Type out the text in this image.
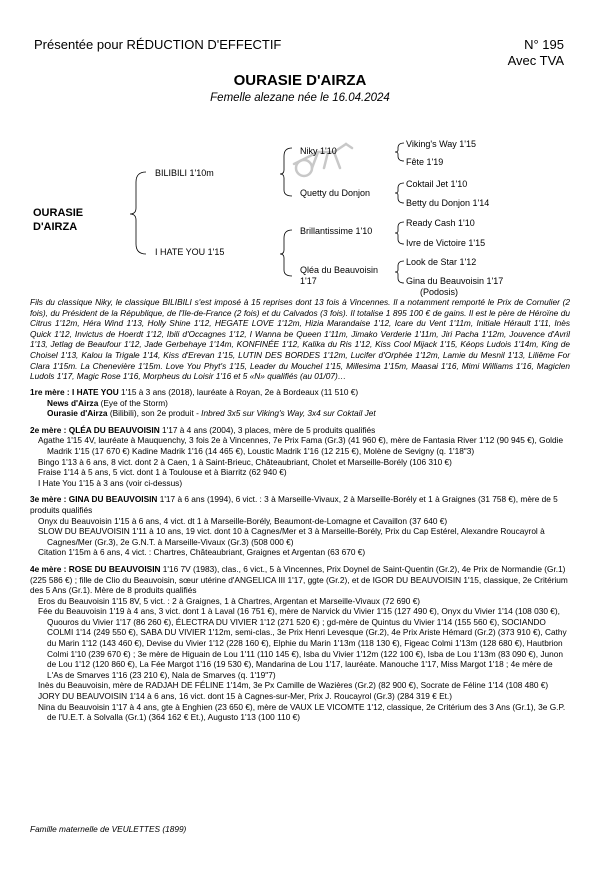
Présentée pour RÉDUCTION D'EFFECTIF	N° 195
Avec TVA
OURASIE D'AIRZA
Femelle alezane née le 16.04.2024
OURASIE
D'AIRZA
BILIBILI 1'10m
I HATE YOU 1'15
Niky 1'10
Quetty du Donjon
Brillantissime 1'10
Qléa du Beauvoisin
1'17
Viking's Way 1'15
Fête 1'19
Coktail Jet 1'10
Betty du Donjon 1'14
Ready Cash 1'10
Ivre de Victoire 1'15
Look de Star 1'12
Gina du Beauvoisin 1'17
(Podosis)
Fils du classique Niky, le classique BILIBILI s'est imposé à 15 reprises dont 13 fois à Vincennes. Il a notamment remporté le Prix de Cornulier (2 fois), du Président de la République, de l'Ile-de-France (2 fois) et du Calvados (3 fois). Il totalise 1 895 100 € de gains. Il est le père de Héroïne du Citrus 1'12m, Héra Wind 1'13, Holly Shine 1'12, HEGATE LOVE 1'12m, Hizia Marandaise 1'12, Icare du Vent 1'11m, Initiale Hérault 1'11, Inès Quick 1'12, Invictus de Hoerdt 1'12, Ibili d'Occagnes 1'12, I Wanna be Queen 1'11m, Jimako Verderie 1'11m, Jiri Pacha 1'12m, Jouvence d'Avril 1'13, Jetlag de Beaufour 1'12, Jade Gerbehaye 1'14m, KONFINÉE 1'12, Kalika du Ris 1'12, Kiss Cool Mijack 1'15, Kéops Ludois 1'14m, King de Choisel 1'13, Kalou la Trigale 1'14, Kiss d'Erevan 1'15, LUTIN DES BORDES 1'12m, Lucifer d'Orphée 1'12m, Lamie du Mesnil 1'13, Liliême For Clara 1'15m. La Chenevière 1'15m. Love You Phyt's 1'15, Leader du Mouchel 1'15, Millesima 1'15m, Maasai 1'16, Mimi Williams 1'16, Magiclen Ludols 1'17, Magic Rose 1'16, Morpheus du Loisir 1'16 et 5 «N» qualifiés (au 01/07)…
1re mère : I HATE YOU 1'15 à 3 ans (2018), lauréate à Royan, 2e à Bordeaux (11 510 €)
News d'Airza (Eye of the Storm)
Ourasie d'Airza (Bilibili), son 2e produit - Inbred 3x5 sur Viking's Way, 3x4 sur Coktail Jet
2e mère : QLÉA DU BEAUVOISIN 1'17 à 4 ans (2004), 3 places, mère de 5 produits qualifiés
Agathe 1'15 4V, lauréate à Mauquenchy, 3 fois 2e à Vincennes, 7e Prix Fama (Gr.3) (41 960 €), mère de Fantasia River 1'12 (90 945 €), Goldie Madrik 1'15 (17 670 €) Kadine Madrik 1'16 (14 465 €), Loustic Madrik 1'16 (12 215 €), Molène de Sevigny (q. 1'18"3)
Bingo 1'13 à 6 ans, 8 vict. dont 2 à Caen, 1 à Saint-Brieuc, Châteaubriant, Cholet et Marseille-Borély (106 310 €)
Fraise 1'14 à 5 ans, 5 vict. dont 1 à Toulouse et à Biarritz (62 940 €)
I Hate You 1'15 à 3 ans (voir ci-dessus)
3e mère : GINA DU BEAUVOISIN 1'17 à 6 ans (1994), 6 vict. : 3 à Marseille-Vivaux, 2 à Marseille-Borély et 1 à Graignes (31 758 €), mère de 5 produits qualifiés
Onyx du Beauvoisin 1'15 à 6 ans, 4 vict. dt 1 à Marseille-Borély, Beaumont-de-Lomagne et Cavaillon (37 640 €)
SLOW DU BEAUVOISIN 1'11 à 10 ans, 19 vict. dont 10 à Cagnes/Mer et 3 à Marseille-Borély, Prix du Cap Estérel, Alexandre Roucayrol à Cagnes/Mer (Gr.3), 2e G.N.T. à Marseille-Vivaux (Gr.3) (508 000 €)
Citation 1'15m à 6 ans, 4 vict. : Chartres, Châteaubriant, Graignes et Argentan (63 670 €)
4e mère : ROSE DU BEAUVOISIN 1'16 7V (1983), clas., 6 vict., 5 à Vincennes, Prix Doynel de Saint-Quentin (Gr.2), 4e Prix de Normandie (Gr.1) (225 586 €) ; fille de Clio du Beauvoisin, sœur utérine d'ANGELICA III 1'17, ggte (Gr.2), et de IGOR DU BEAUVOISIN 1'15, classique, 2e Critérium des 5 Ans (Gr.1). Mère de 8 produits qualifiés
Eros du Beauvoisin 1'15 8V, 5 vict. : 2 à Graignes, 1 à Chartres, Argentan et Marseille-Vivaux (72 690 €)
Fée du Beauvoisin 1'19 à 4 ans, 3 vict. dont 1 à Laval (16 751 €), mère de Narvick du Vivier 1'15 (127 490 €), Onyx du Vivier 1'14 (108 030 €), Quouros du Vivier 1'17 (86 260 €), ÉLECTRA DU VIVIER 1'12 (271 520 €) ; gd-mère de Quintus du Vivier 1'14 (155 560 €), SOCIANDO COLMI 1'14 (249 550 €), SABA DU VIVIER 1'12m, semi-clas., 3e Prix Henri Levesque (Gr.2), 4e Prix Ariste Hémard (Gr.2) (373 910 €), Cathy du Marin 1'12 (143 460 €), Devise du Vivier 1'12 (228 160 €), Elphie du Marin 1'13m (118 130 €), Figeac Colmi 1'13m (128 680 €), Hautbrion Colmi 1'10 (239 670 €) ; 3e mère de Higuain de Lou 1'11 (110 145 €), Isba du Vivier 1'12m (122 100 €), Isba de Lou 1'13m (83 090 €), Junon de Lou 1'12 (120 860 €), La Fée Margot 1'16 (19 530 €), Mandarina de Lou 1'17, lauréate. Manouche 1'17, Miss Margot 1'18 ; 4e mère de L'As de Smarves 1'16 (23 210 €), Nala de Smarves (q. 1'19"7)
Inès du Beauvoisin, mère de RADJAH DE FÉLINE 1'14m, 3e Px Camille de Wazières (Gr.2) (82 900 €), Socrate de Féline 1'14 (108 480 €)
JORY DU BEAUVOISIN 1'14 à 6 ans, 16 vict. dont 15 à Cagnes-sur-Mer, Prix J. Roucayrol (Gr.3) (284 319 € Et.)
Nina du Beauvoisin 1'17 à 4 ans, gte à Enghien (23 650 €), mère de VAUX LE VICOMTE 1'12, classique, 2e Critérium des 3 Ans (Gr.1), 3e G.P. de l'U.E.T. à Solvalla (Gr.1) (364 162 € Et.), Augusto 1'13 (100 110 €)
Famille maternelle de VEULETTES (1899)
